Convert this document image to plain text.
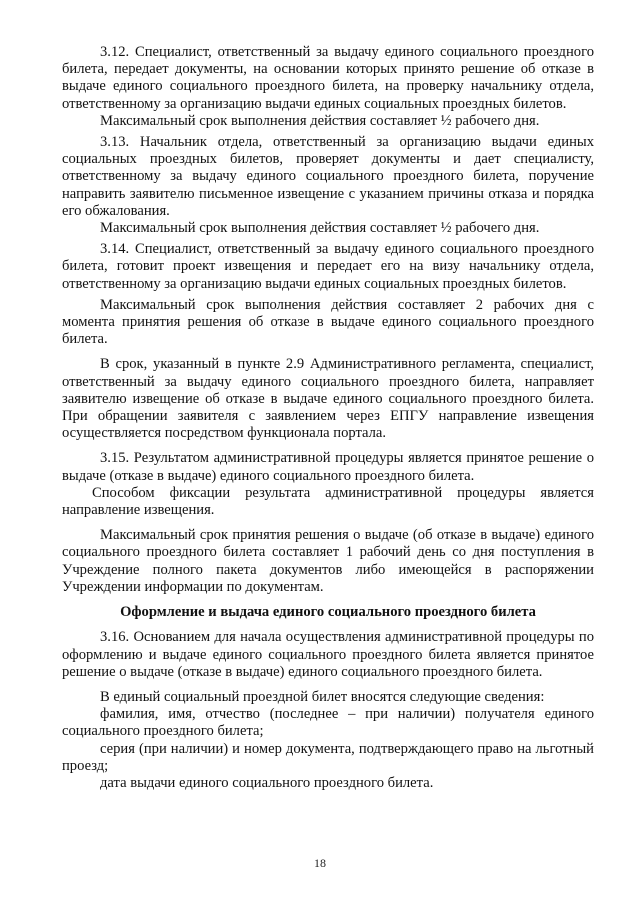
3.12. Специалист, ответственный за выдачу единого социального проездного билета, передает документы, на основании которых принято решение об отказе в выдаче единого социального проездного билета, на проверку начальнику отдела, ответственному за организацию выдачи единых социальных проездных билетов.

Максимальный срок выполнения действия составляет ½ рабочего дня.

3.13. Начальник отдела, ответственный за организацию выдачи единых социальных проездных билетов, проверяет документы и дает специалисту, ответственному за выдачу единого социального проездного билета, поручение направить заявителю письменное извещение с указанием причины отказа и порядка его обжалования.

Максимальный срок выполнения действия составляет ½ рабочего дня.

3.14. Специалист, ответственный за выдачу единого социального проездного билета, готовит проект извещения и передает его на визу начальнику отдела, ответственному за организацию выдачи единых социальных проездных билетов.

Максимальный срок выполнения действия составляет 2 рабочих дня с момента принятия решения об отказе в выдаче единого социального проездного билета.

В срок, указанный в пункте 2.9 Административного регламента, специалист, ответственный за выдачу единого социального проездного билета, направляет заявителю извещение об отказе в выдаче единого социального проездного билета. При обращении заявителя с заявлением через ЕПГУ направление извещения осуществляется посредством функционала портала.

3.15. Результатом административной процедуры является принятое решение о выдаче (отказе в выдаче) единого социального проездного билета.

Способом фиксации результата административной процедуры является направление извещения.

Максимальный срок принятия решения о выдаче (об отказе в выдаче) единого социального проездного билета составляет 1 рабочий день со дня поступления в Учреждение полного пакета документов либо имеющейся в распоряжении Учреждении информации по документам.

Оформление и выдача единого социального проездного билета

3.16. Основанием для начала осуществления административной процедуры по оформлению и выдаче единого социального проездного билета является принятое решение о выдаче (отказе в выдаче) единого социального проездного билета.

В единый социальный проездной билет вносятся следующие сведения:

фамилия, имя, отчество (последнее – при наличии) получателя единого социального проездного билета;

серия (при наличии) и номер документа, подтверждающего право на льготный проезд;

дата выдачи единого социального проездного билета.

18
